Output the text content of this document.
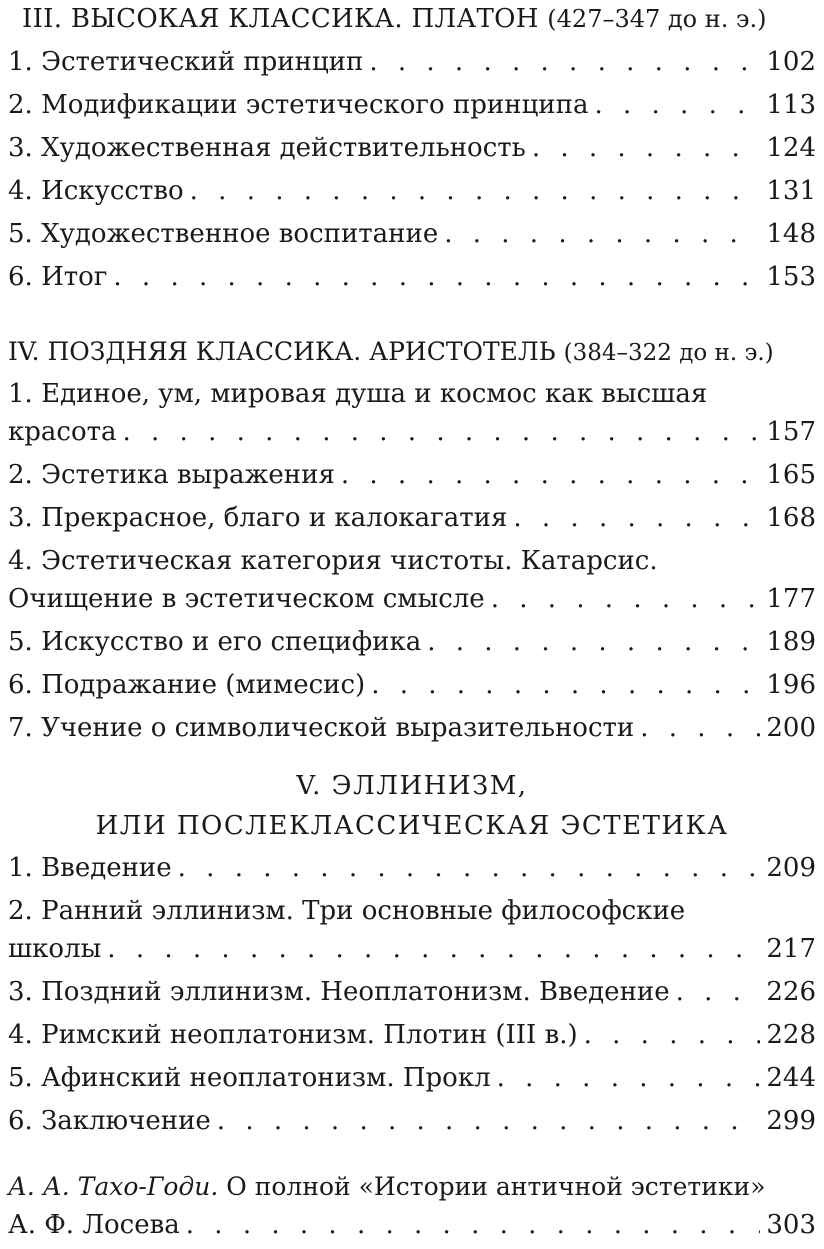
III. ВЫСОКАЯ КЛАССИКА. ПЛАТОН (427–347 до н. э.)
1. Эстетический принцип . . .	102
2. Модификации эстетического принципа . . .	113
3. Художественная действительность . . .	124
4. Искусство . . .	131
5. Художественное воспитание . . .	148
6. Итог . . .	153
IV. ПОЗДНЯЯ КЛАССИКА. АРИСТОТЕЛЬ (384–322 до н. э.)
1. Единое, ум, мировая душа и космос как высшая
красота . . .	157
2. Эстетика выражения . . .	165
3. Прекрасное, благо и калокагатия . . .	168
4. Эстетическая категория чистоты. Катарсис.
Очищение в эстетическом смысле . . .	177
5. Искусство и его специфика . . .	189
6. Подражание (мимесис) . . .	196
7. Учение о символической выразительности . . .	200
V. ЭЛЛИНИЗМ,
ИЛИ ПОСЛЕКЛАССИЧЕСКАЯ ЭСТЕТИКА
1. Введение . . .	209
2. Ранний эллинизм. Три основные философские
школы . . .	217
3. Поздний эллинизм. Неоплатонизм. Введение . . .	226
4. Римский неоплатонизм. Плотин (III в.) . . .	228
5. Афинский неоплатонизм. Прокл . . .	244
6. Заключение . . .	299
А. А. Тахо-Годи. О полной «Истории античной эстетики»
А. Ф. Лосева . . .	303
